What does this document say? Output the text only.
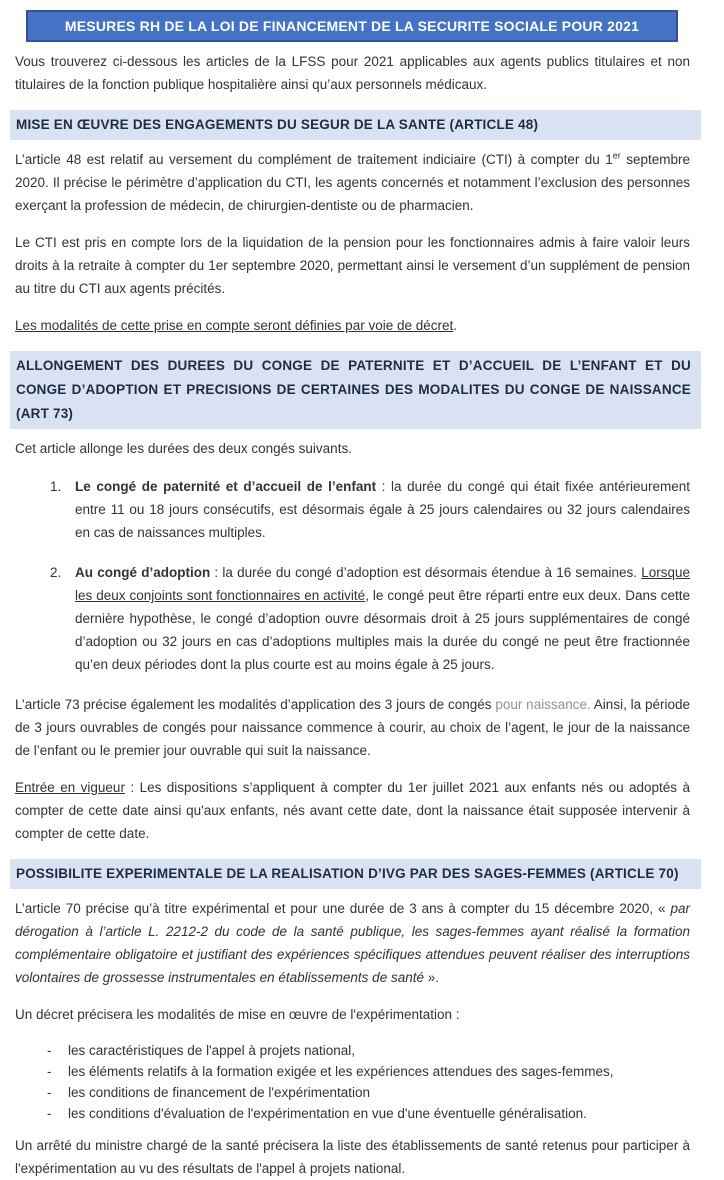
MESURES RH DE LA LOI DE FINANCEMENT DE LA SECURITE SOCIALE POUR 2021

Vous trouverez ci-dessous les articles de la LFSS pour 2021 applicables aux agents publics titulaires et non titulaires de la fonction publique hospitalière ainsi qu’aux personnels médicaux.

MISE EN ŒUVRE DES ENGAGEMENTS DU SEGUR DE LA SANTE (ARTICLE 48)

L’article 48 est relatif au versement du complément de traitement indiciaire (CTI) à compter du 1er septembre 2020. Il précise le périmètre d’application du CTI, les agents concernés et notamment l’exclusion des personnes exerçant la profession de médecin, de chirurgien-dentiste ou de pharmacien.

Le CTI est pris en compte lors de la liquidation de la pension pour les fonctionnaires admis à faire valoir leurs droits à la retraite à compter du 1er septembre 2020, permettant ainsi le versement d’un supplément de pension au titre du CTI aux agents précités.

Les modalités de cette prise en compte seront définies par voie de décret.

ALLONGEMENT DES DUREES DU CONGE DE PATERNITE ET D’ACCUEIL DE L’ENFANT ET DU CONGE D’ADOPTION ET PRECISIONS DE CERTAINES DES MODALITES DU CONGE DE NAISSANCE (ART 73)

Cet article allonge les durées des deux congés suivants.

1.	Le congé de paternité et d’accueil de l’enfant : la durée du congé qui était fixée antérieurement entre 11 ou 18 jours consécutifs, est désormais égale à 25 jours calendaires ou 32 jours calendaires en cas de naissances multiples.
2.	Au congé d’adoption : la durée du congé d’adoption est désormais étendue à 16 semaines. Lorsque les deux conjoints sont fonctionnaires en activité, le congé peut être réparti entre eux deux. Dans cette dernière hypothèse, le congé d’adoption ouvre désormais droit à 25 jours supplémentaires de congé d’adoption ou 32 jours en cas d’adoptions multiples mais la durée du congé ne peut être fractionnée qu’en deux périodes dont la plus courte est au moins égale à 25 jours.

L’article 73 précise également les modalités d’application des 3 jours de congés pour naissance. Ainsi, la période de 3 jours ouvrables de congés pour naissance commence à courir, au choix de l’agent, le jour de la naissance de l’enfant ou le premier jour ouvrable qui suit la naissance.

Entrée en vigueur : Les dispositions s’appliquent à compter du 1er juillet 2021 aux enfants nés ou adoptés à compter de cette date ainsi qu'aux enfants, nés avant cette date, dont la naissance était supposée intervenir à compter de cette date.

POSSIBILITE EXPERIMENTALE DE LA REALISATION D’IVG PAR DES SAGES-FEMMES (ARTICLE 70)

L’article 70 précise qu’à titre expérimental et pour une durée de 3 ans à compter du 15 décembre 2020, « par dérogation à l’article L. 2212-2 du code de la santé publique, les sages-femmes ayant réalisé la formation complémentaire obligatoire et justifiant des expériences spécifiques attendues peuvent réaliser des interruptions volontaires de grossesse instrumentales en établissements de santé ».

Un décret précisera les modalités de mise en œuvre de l'expérimentation :

-	les caractéristiques de l'appel à projets national,
-	les éléments relatifs à la formation exigée et les expériences attendues des sages-femmes,
-	les conditions de financement de l'expérimentation
-	les conditions d'évaluation de l'expérimentation en vue d'une éventuelle généralisation.

Un arrêté du ministre chargé de la santé précisera la liste des établissements de santé retenus pour participer à l'expérimentation au vu des résultats de l'appel à projets national.
